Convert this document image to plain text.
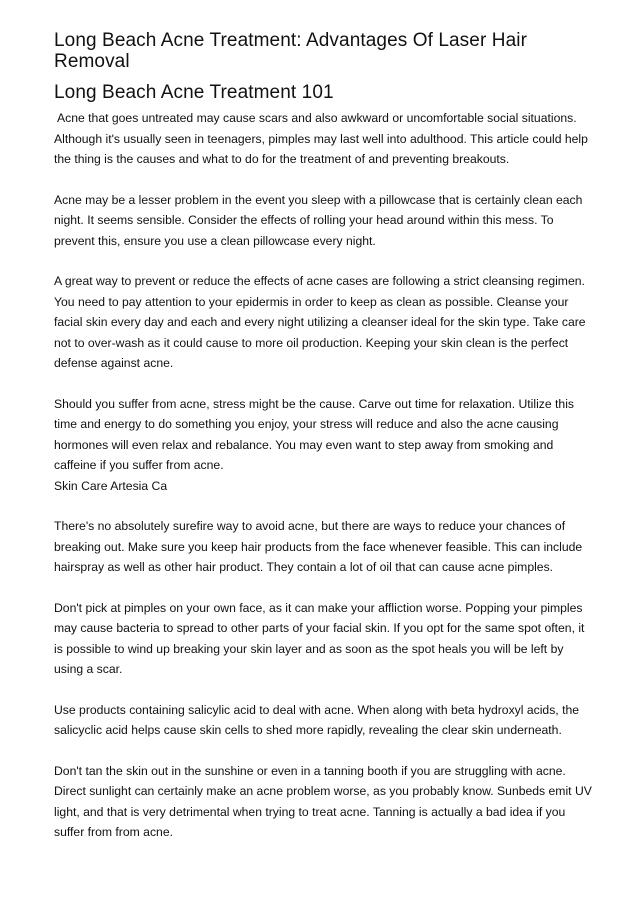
Long Beach Acne Treatment: Advantages Of Laser Hair Removal
Long Beach Acne Treatment 101

Acne that goes untreated may cause scars and also awkward or uncomfortable social situations. Although it's usually seen in teenagers, pimples may last well into adulthood. This article could help the thing is the causes and what to do for the treatment of and preventing breakouts.

Acne may be a lesser problem in the event you sleep with a pillowcase that is certainly clean each night. It seems sensible. Consider the effects of rolling your head around within this mess. To prevent this, ensure you use a clean pillowcase every night.

A great way to prevent or reduce the effects of acne cases are following a strict cleansing regimen. You need to pay attention to your epidermis in order to keep as clean as possible. Cleanse your facial skin every day and each and every night utilizing a cleanser ideal for the skin type. Take care not to over-wash as it could cause to more oil production. Keeping your skin clean is the perfect defense against acne.

Should you suffer from acne, stress might be the cause. Carve out time for relaxation. Utilize this time and energy to do something you enjoy, your stress will reduce and also the acne causing hormones will even relax and rebalance. You may even want to step away from smoking and caffeine if you suffer from acne.

Skin Care Artesia Ca

There's no absolutely surefire way to avoid acne, but there are ways to reduce your chances of breaking out. Make sure you keep hair products from the face whenever feasible. This can include hairspray as well as other hair product. They contain a lot of oil that can cause acne pimples.

Don't pick at pimples on your own face, as it can make your affliction worse. Popping your pimples may cause bacteria to spread to other parts of your facial skin. If you opt for the same spot often, it is possible to wind up breaking your skin layer and as soon as the spot heals you will be left by using a scar.

Use products containing salicylic acid to deal with acne. When along with beta hydroxyl acids, the salicyclic acid helps cause skin cells to shed more rapidly, revealing the clear skin underneath.

Don't tan the skin out in the sunshine or even in a tanning booth if you are struggling with acne. Direct sunlight can certainly make an acne problem worse, as you probably know. Sunbeds emit UV light, and that is very detrimental when trying to treat acne. Tanning is actually a bad idea if you suffer from from acne.
